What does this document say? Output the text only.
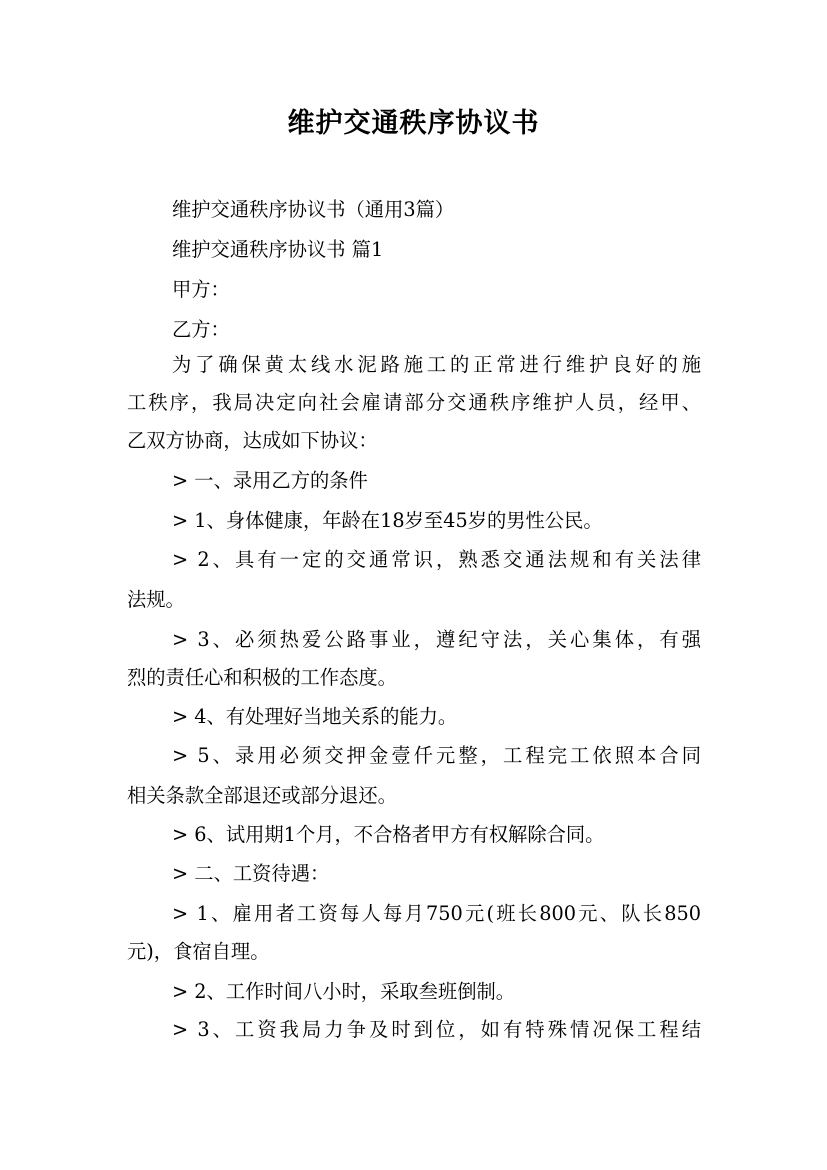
维护交通秩序协议书

维护交通秩序协议书（通用3篇）

维护交通秩序协议书 篇1

甲方：

乙方：

为了确保黄太线水泥路施工的正常进行维护良好的施

工秩序，我局决定向社会雇请部分交通秩序维护人员，经甲、

乙双方协商，达成如下协议：

> 一、录用乙方的条件

> 1、身体健康，年龄在18岁至45岁的男性公民。

> 2、具有一定的交通常识，熟悉交通法规和有关法律

法规。

> 3、必须热爱公路事业，遵纪守法，关心集体，有强

烈的责任心和积极的工作态度。

> 4、有处理好当地关系的能力。

> 5、录用必须交押金壹仟元整，工程完工依照本合同

相关条款全部退还或部分退还。

> 6、试用期1个月，不合格者甲方有权解除合同。

> 二、工资待遇：

> 1、雇用者工资每人每月750元(班长800元、队长850

元)，食宿自理。

> 2、工作时间八小时，采取叁班倒制。

> 3、工资我局力争及时到位，如有特殊情况保工程结
